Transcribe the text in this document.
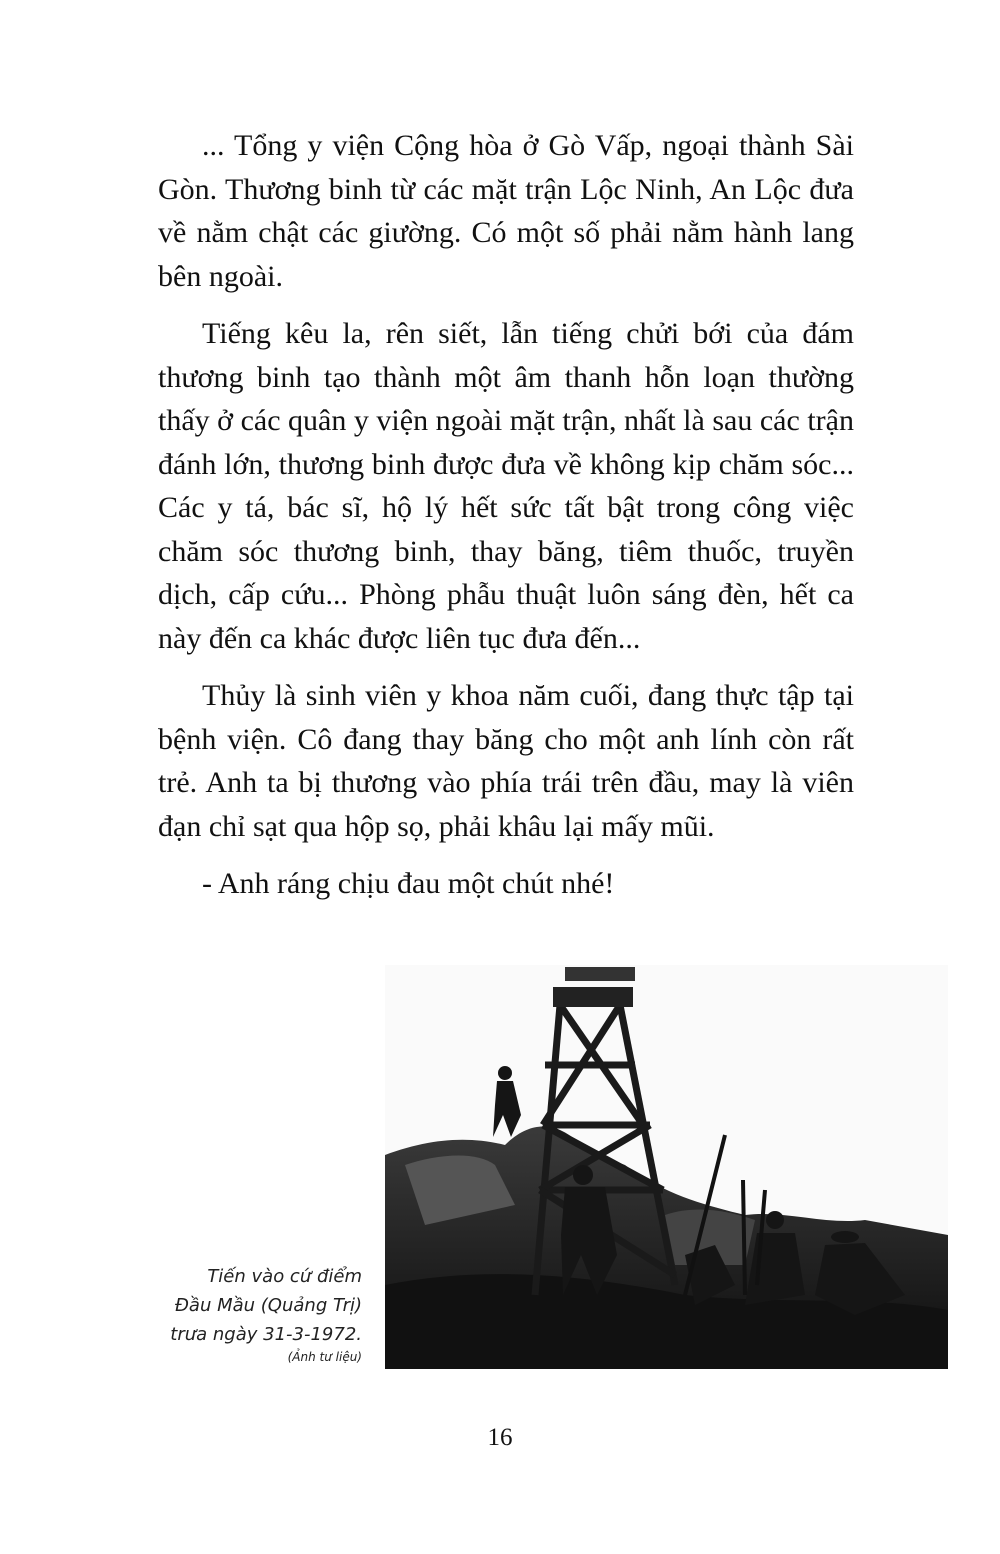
... Tổng y viện Cộng hòa ở Gò Vấp, ngoại thành Sài Gòn. Thương binh từ các mặt trận Lộc Ninh, An Lộc đưa về nằm chật các giường. Có một số phải nằm hành lang bên ngoài.

Tiếng kêu la, rên siết, lẫn tiếng chửi bới của đám thương binh tạo thành một âm thanh hỗn loạn thường thấy ở các quân y viện ngoài mặt trận, nhất là sau các trận đánh lớn, thương binh được đưa về không kịp chăm sóc... Các y tá, bác sĩ, hộ lý hết sức tất bật trong công việc chăm sóc thương binh, thay băng, tiêm thuốc, truyền dịch, cấp cứu... Phòng phẫu thuật luôn sáng đèn, hết ca này đến ca khác được liên tục đưa đến...

Thủy là sinh viên y khoa năm cuối, đang thực tập tại bệnh viện. Cô đang thay băng cho một anh lính còn rất trẻ. Anh ta bị thương vào phía trái trên đầu, may là viên đạn chỉ sạt qua hộp sọ, phải khâu lại mấy mũi.

- Anh ráng chịu đau một chút nhé!

Tiến vào cứ điểm
Đầu Mầu (Quảng Trị)
trưa ngày 31-3-1972.
(Ảnh tư liệu)
16
